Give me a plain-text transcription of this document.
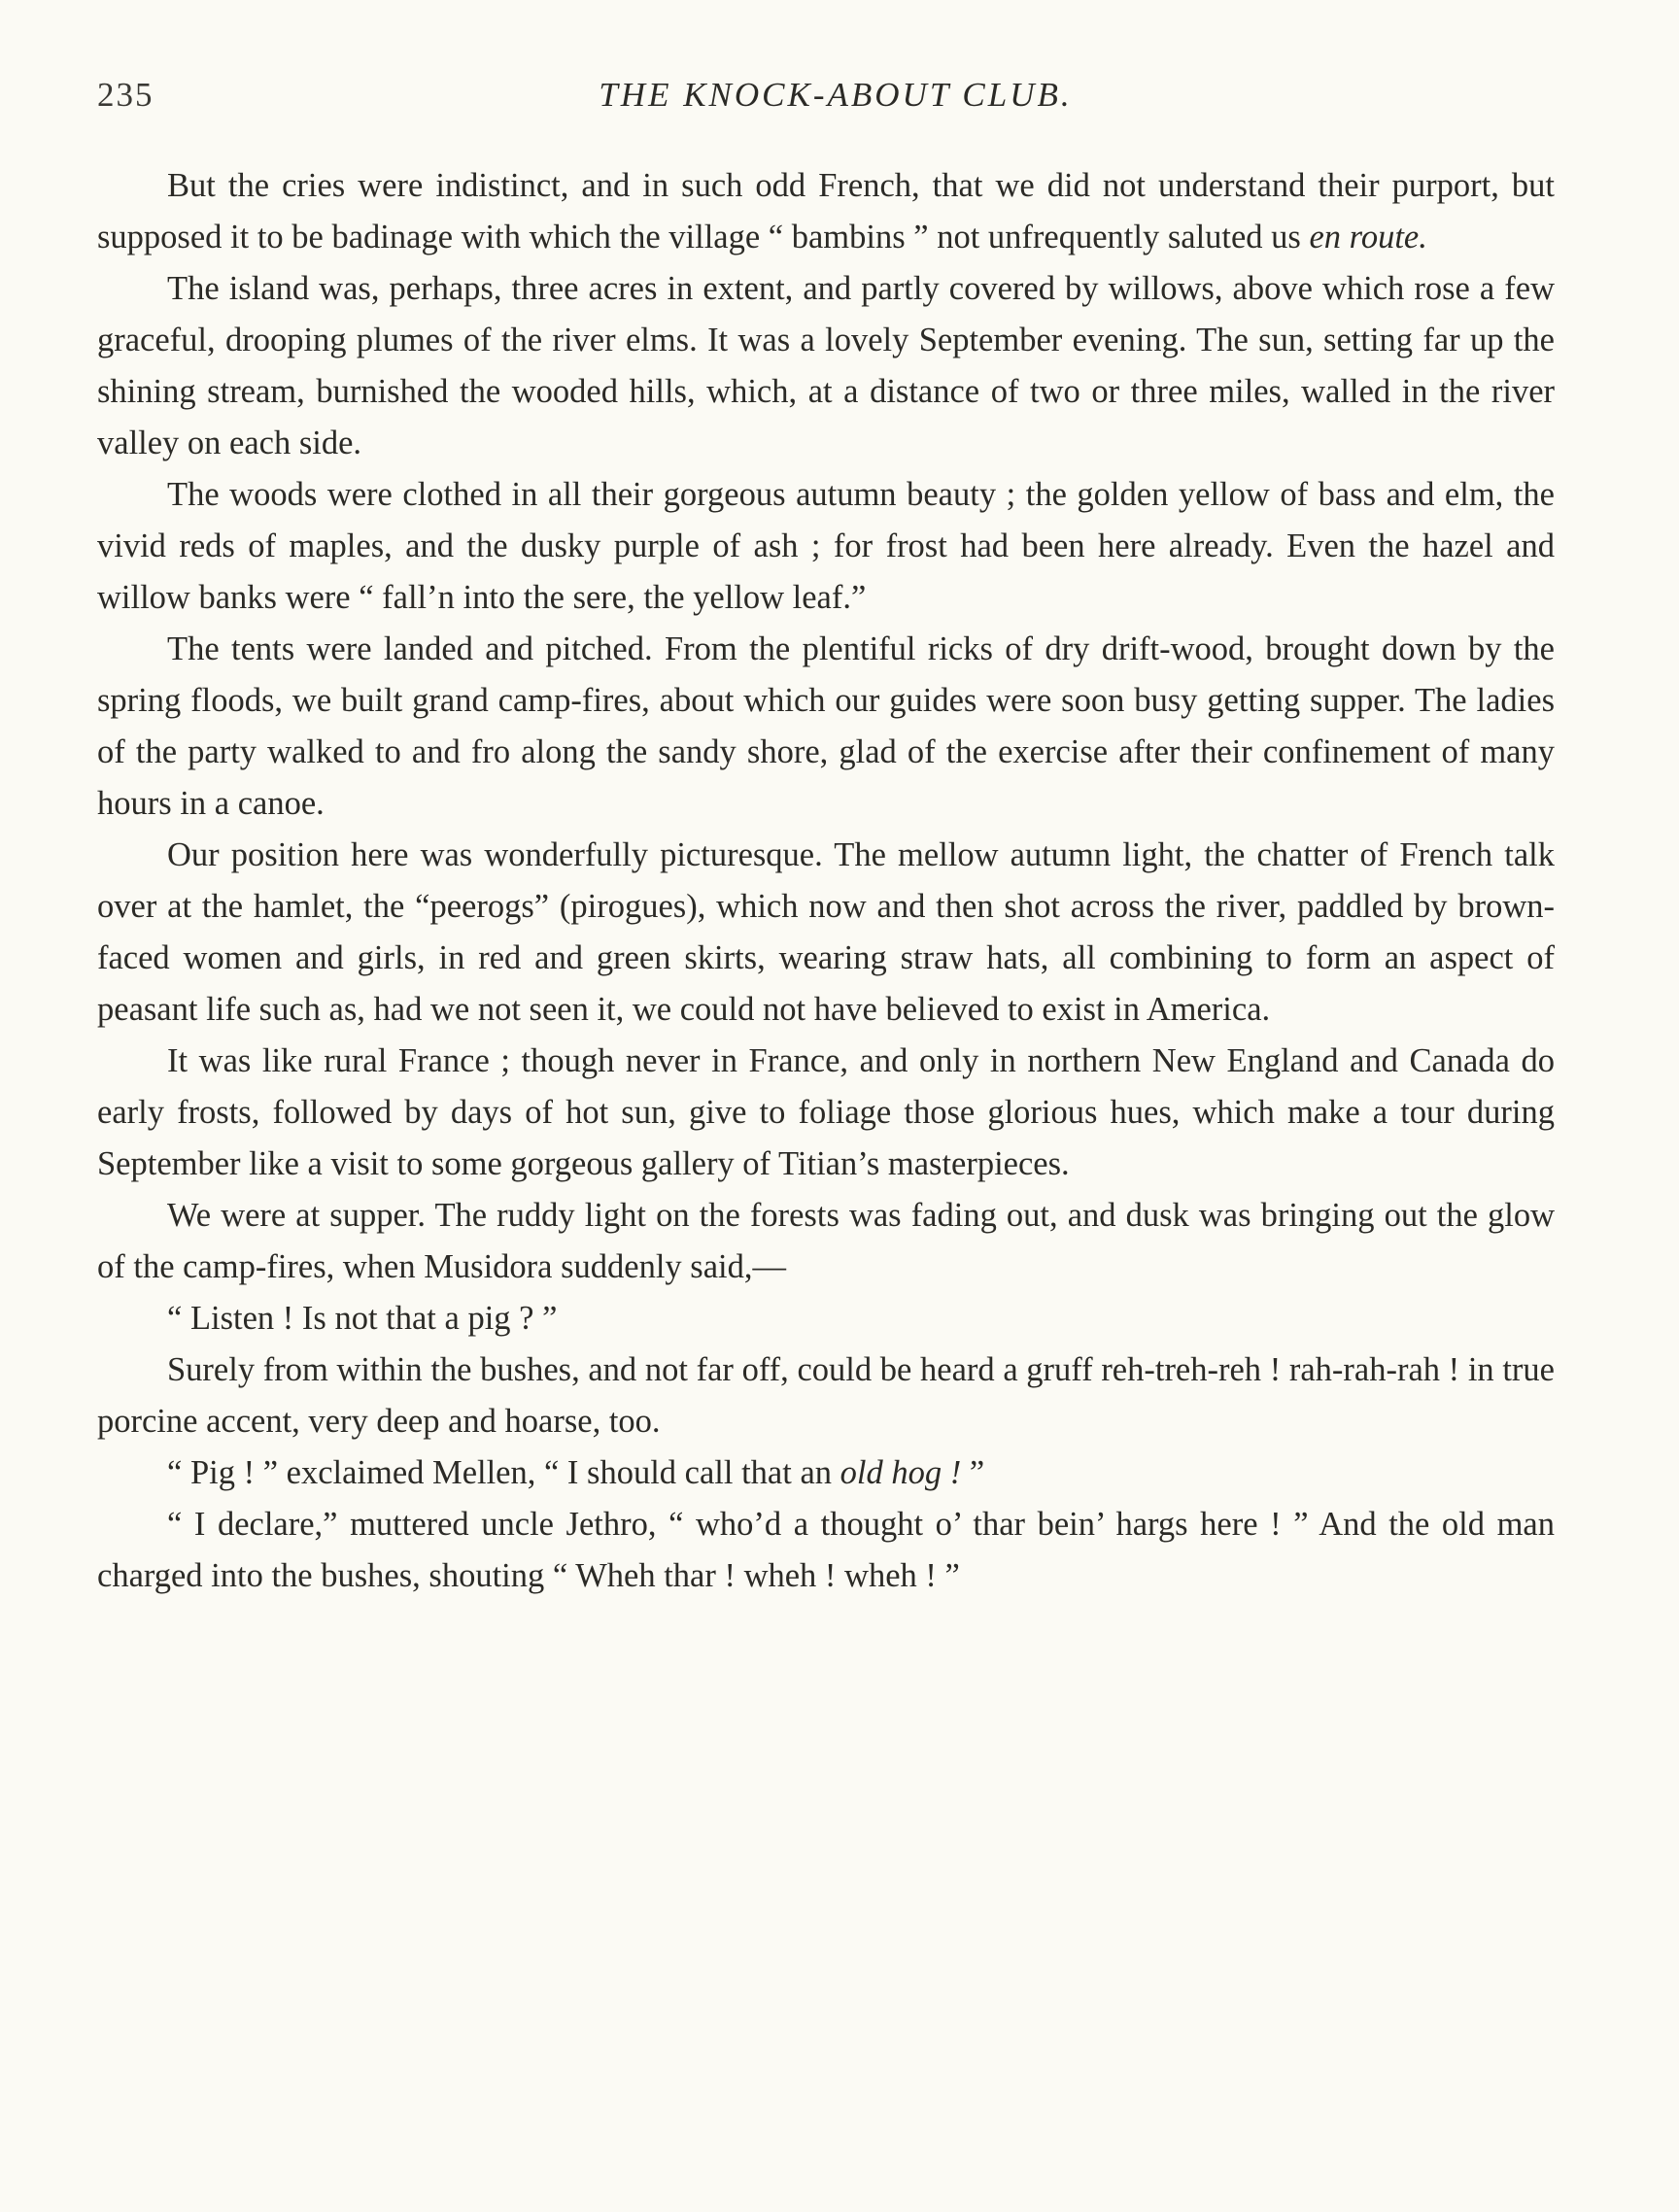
235	THE KNOCK-ABOUT CLUB.

But the cries were indistinct, and in such odd French, that we did not understand their purport, but supposed it to be badinage with which the village “ bambins ” not unfrequently saluted us en route.

The island was, perhaps, three acres in extent, and partly covered by willows, above which rose a few graceful, drooping plumes of the river elms. It was a lovely September evening. The sun, setting far up the shining stream, burnished the wooded hills, which, at a distance of two or three miles, walled in the river valley on each side.

The woods were clothed in all their gorgeous autumn beauty ; the golden yellow of bass and elm, the vivid reds of maples, and the dusky purple of ash ; for frost had been here already. Even the hazel and willow banks were “ fall’n into the sere, the yellow leaf.”

The tents were landed and pitched. From the plentiful ricks of dry drift-wood, brought down by the spring floods, we built grand camp-fires, about which our guides were soon busy getting supper. The ladies of the party walked to and fro along the sandy shore, glad of the exercise after their confinement of many hours in a canoe.

Our position here was wonderfully picturesque. The mellow autumn light, the chatter of French talk over at the hamlet, the “peerogs” (pirogues), which now and then shot across the river, paddled by brown-faced women and girls, in red and green skirts, wearing straw hats, all combining to form an aspect of peasant life such as, had we not seen it, we could not have believed to exist in America.

It was like rural France ; though never in France, and only in northern New England and Canada do early frosts, followed by days of hot sun, give to foliage those glorious hues, which make a tour during September like a visit to some gorgeous gallery of Titian’s masterpieces.

We were at supper. The ruddy light on the forests was fading out, and dusk was bringing out the glow of the camp-fires, when Musidora suddenly said,—

“ Listen ! Is not that a pig ? ”

Surely from within the bushes, and not far off, could be heard a gruff reh-treh-reh ! rah-rah-rah ! in true porcine accent, very deep and hoarse, too.

“ Pig ! ” exclaimed Mellen, “ I should call that an old hog ! ”

“ I declare,” muttered uncle Jethro, “ who’d a thought o’ thar bein’ hargs here ! ” And the old man charged into the bushes, shouting “ Wheh thar ! wheh ! wheh ! ”
